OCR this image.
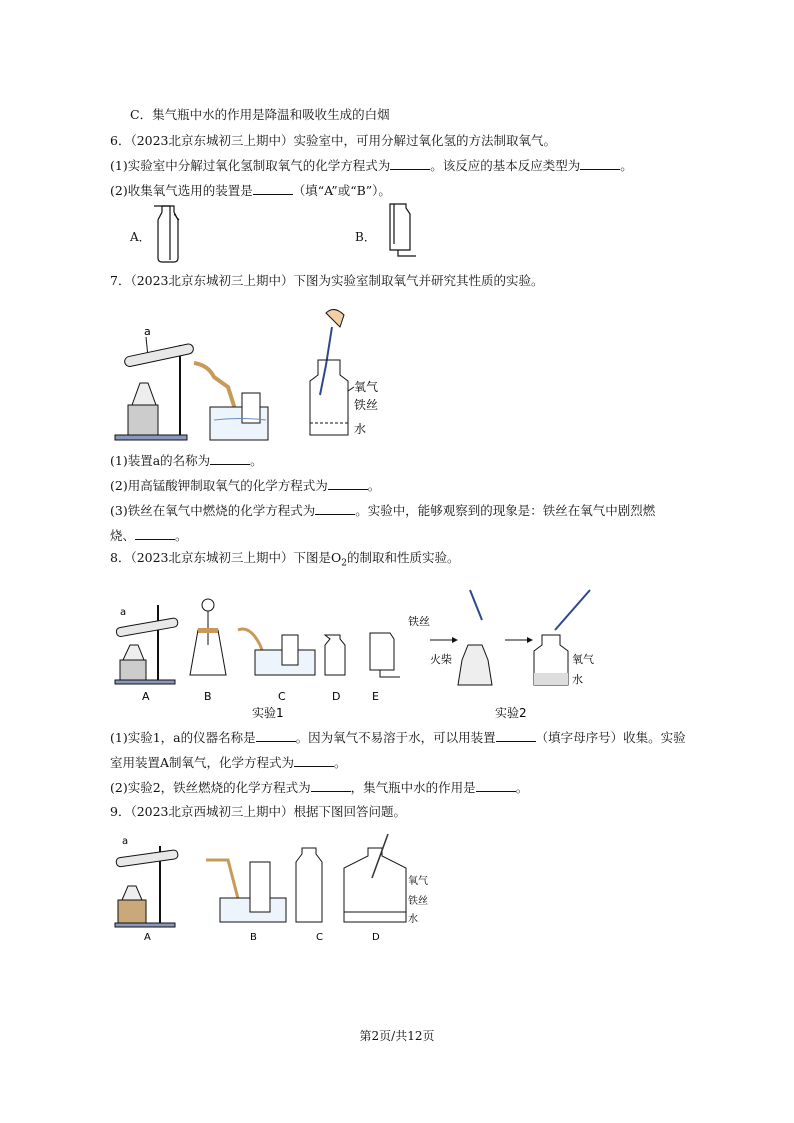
C．集气瓶中水的作用是降温和吸收生成的白烟
6．（2023北京东城初三上期中）实验室中，可用分解过氧化氢的方法制取氧气。
(1)实验室中分解过氧化氢制取氧气的化学方程式为	。该反应的基本反应类型为	。
(2)收集氧气选用的装置是	（填“A”或“B”）。
A．	B．
7．（2023北京东城初三上期中）下图为实验室制取氧气并研究其性质的实验。
a
氧气
铁丝
水
(1)装置a的名称为	。
(2)用高锰酸钾制取氧气的化学方程式为	。
(3)铁丝在氧气中燃烧的化学方程式为	。实验中，能够观察到的现象是：铁丝在氧气中剧烈燃
烧、	。
8．（2023北京东城初三上期中）下图是$O_2$的制取和性质实验。
a
A	B	C	D	E
实验1
铁丝
火柴	氧气
水
实验2
(1)实验1，a的仪器名称是	。因为氧气不易溶于水，可以用装置	（填字母序号）收集。实验
室用装置A制氧气，化学方程式为	。
(2)实验2，铁丝燃烧的化学方程式为	，集气瓶中水的作用是	。
9．（2023北京西城初三上期中）根据下图回答问题。
a
A	B	C
氧气
铁丝
水
D
第2页/共12页
